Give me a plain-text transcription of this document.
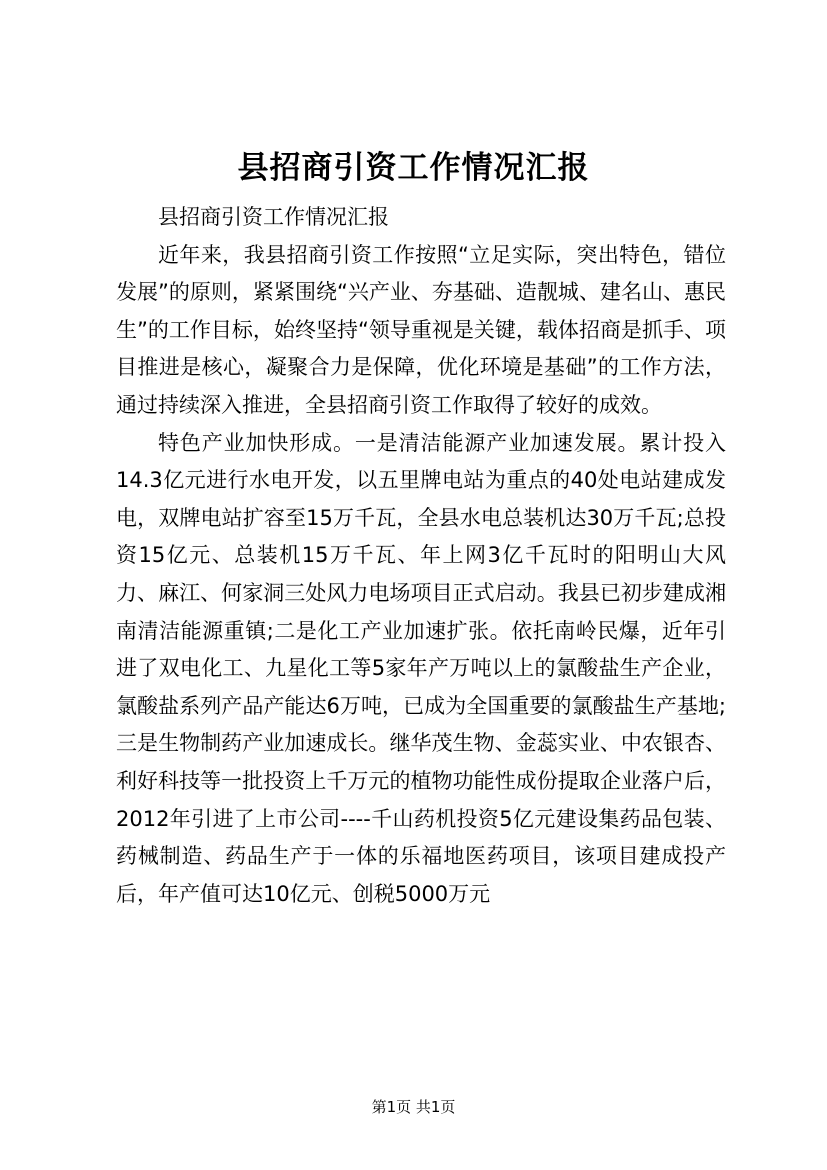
县招商引资工作情况汇报

县招商引资工作情况汇报

近年来，我县招商引资工作按照“立足实际，突出特色，错位发展”的原则，紧紧围绕“兴产业、夯基础、造靓城、建名山、惠民生”的工作目标，始终坚持“领导重视是关键，载体招商是抓手、项目推进是核心，凝聚合力是保障，优化环境是基础”的工作方法，通过持续深入推进，全县招商引资工作取得了较好的成效。

特色产业加快形成。一是清洁能源产业加速发展。累计投入14.3亿元进行水电开发，以五里牌电站为重点的40处电站建成发电，双牌电站扩容至15万千瓦，全县水电总装机达30万千瓦;总投资15亿元、总装机15万千瓦、年上网3亿千瓦时的阳明山大风力、麻江、何家洞三处风力电场项目正式启动。我县已初步建成湘南清洁能源重镇;二是化工产业加速扩张。依托南岭民爆，近年引进了双电化工、九星化工等5家年产万吨以上的氯酸盐生产企业，氯酸盐系列产品产能达6万吨，已成为全国重要的氯酸盐生产基地;三是生物制药产业加速成长。继华茂生物、金蕊实业、中农银杏、利好科技等一批投资上千万元的植物功能性成份提取企业落户后，2012年引进了上市公司----千山药机投资5亿元建设集药品包装、药械制造、药品生产于一体的乐福地医药项目，该项目建成投产后，年产值可达10亿元、创税5000万元

第1页 共1页
